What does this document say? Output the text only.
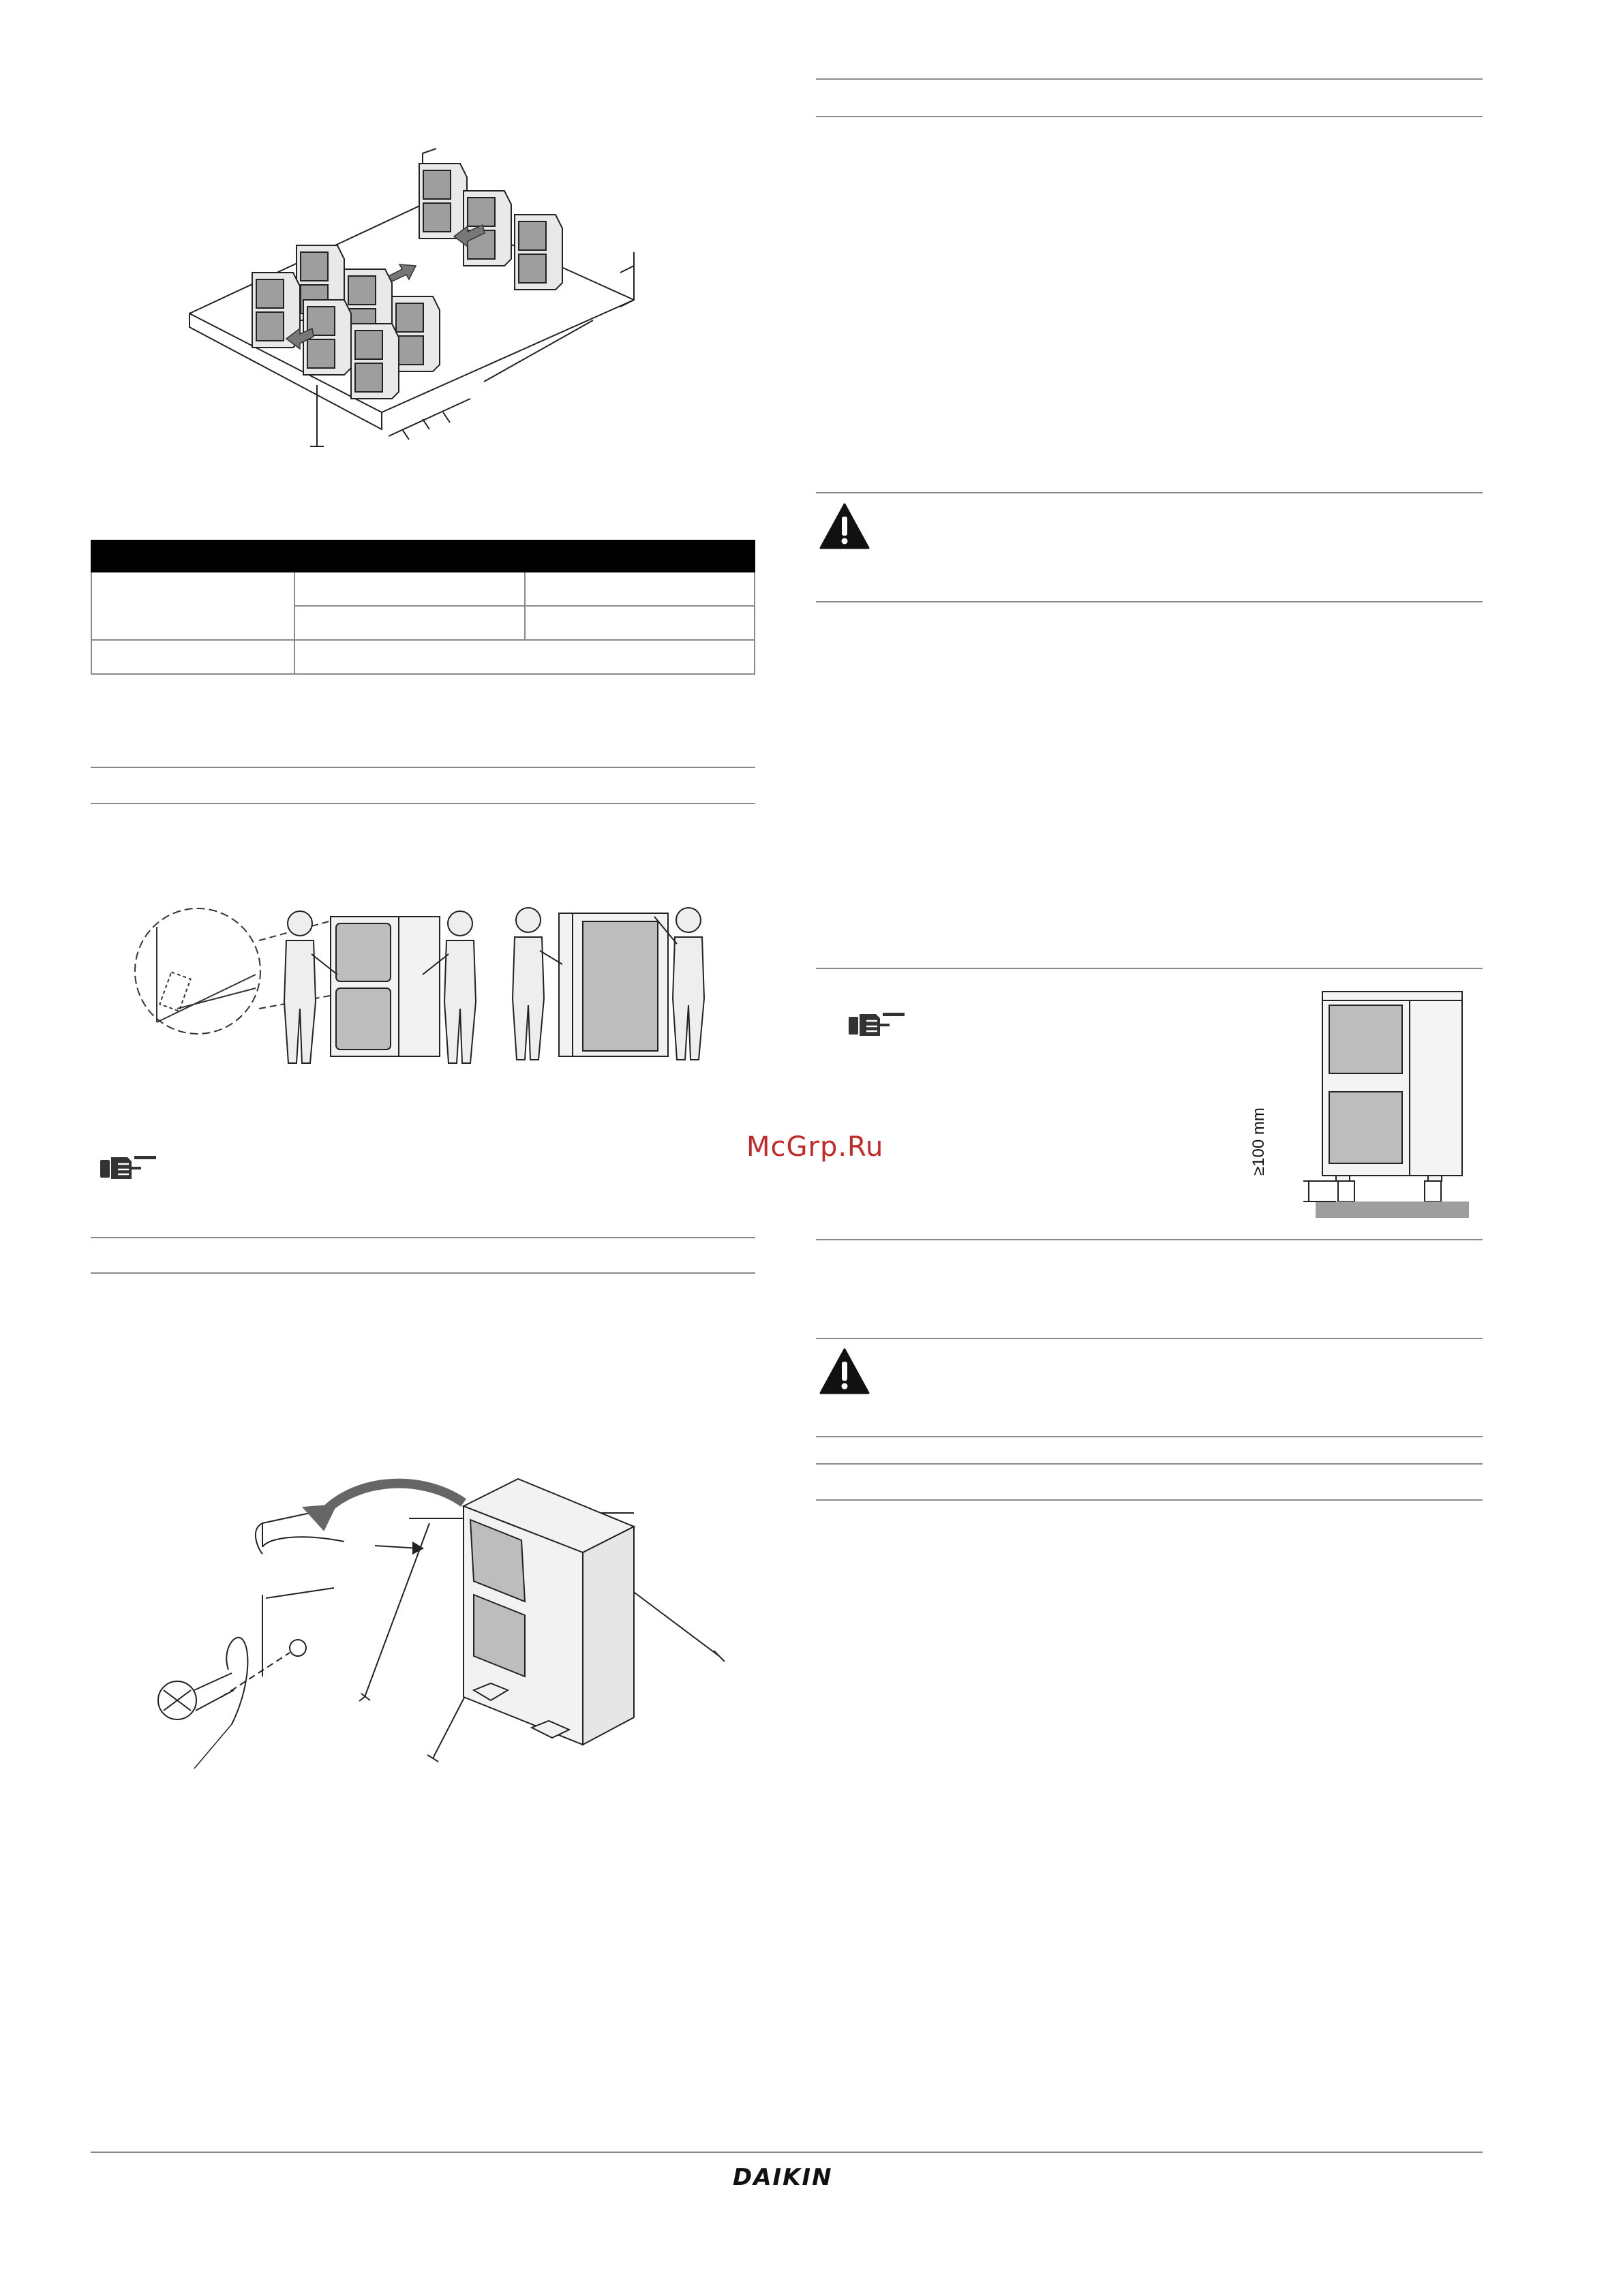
McGrp.Ru	≥100 mm
DAIKIN
